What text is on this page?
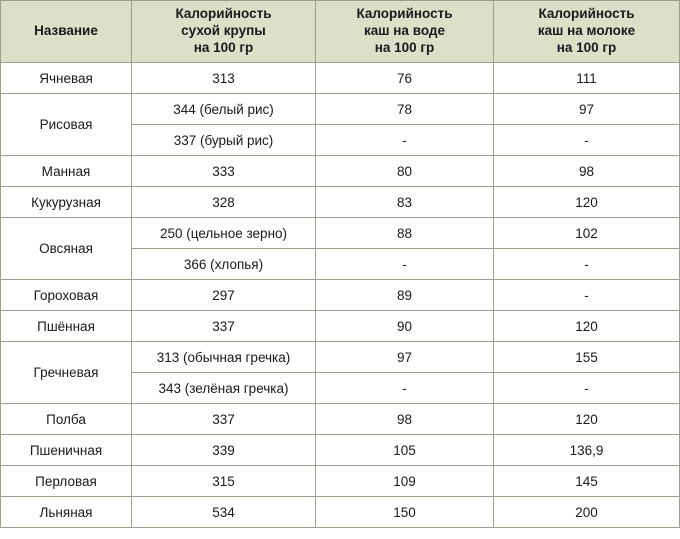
Название	Калорийность
сухой крупы
на 100 гр	Калорийность
каш на воде
на 100 гр	Калорийность
каш на молоке
на 100 гр

Ячневая	313	76	111
Рисовая	344 (белый рис)	78	97
	337 (бурый рис)	-	-
Манная	333	80	98
Кукурузная	328	83	120
Овсяная	250 (цельное зерно)	88	102
	366 (хлопья)	-	-
Гороховая	297	89	-
Пшённая	337	90	120
Гречневая	313 (обычная гречка)	97	155
	343 (зелёная гречка)	-	-
Полба	337	98	120
Пшеничная	339	105	136,9
Перловая	315	109	145
Льняная	534	150	200
